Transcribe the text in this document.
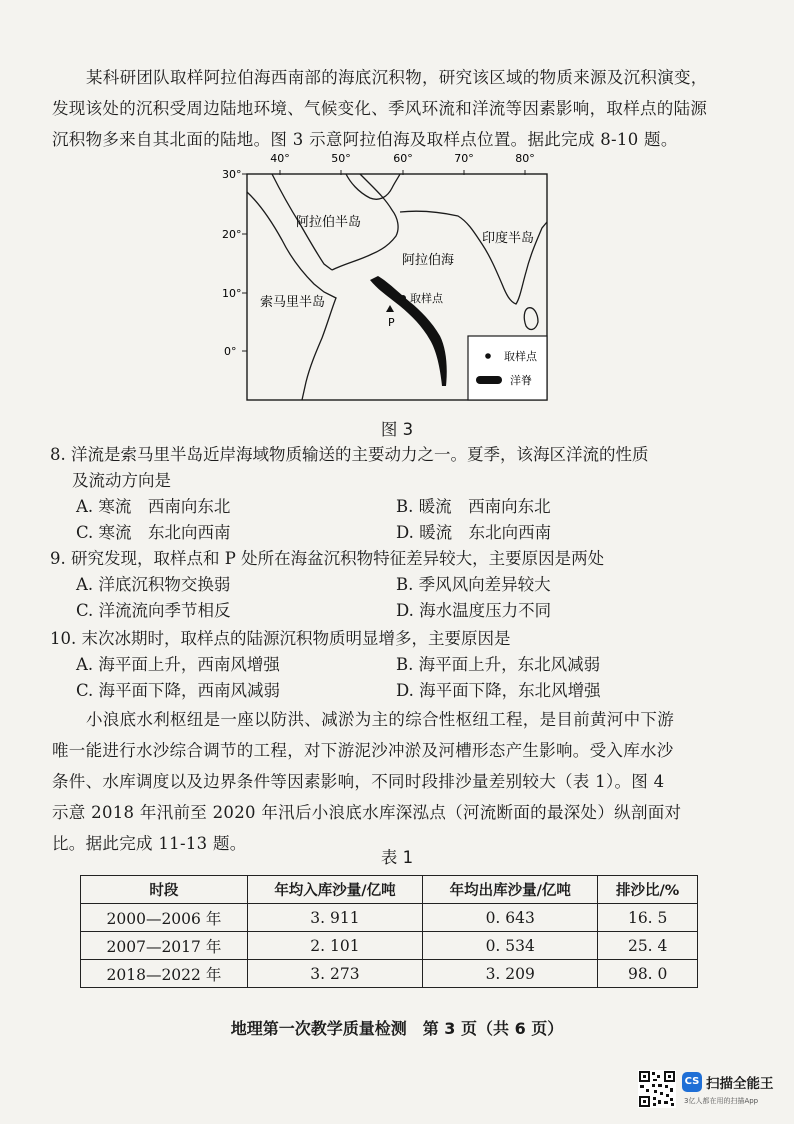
某科研团队取样阿拉伯海西南部的海底沉积物，研究该区域的物质来源及沉积演变，
发现该处的沉积受周边陆地环境、气候变化、季风环流和洋流等因素影响，取样点的陆源
沉积物多来自其北面的陆地。图 3 示意阿拉伯海及取样点位置。据此完成 8-10 题。

40°	50°	60°	70°	80°
30°
20°
10°
0°
取样点
P
阿拉伯半岛
阿拉伯海
印度半岛
索马里半岛
取样点
洋脊
图 3
8. 洋流是索马里半岛近岸海域物质输送的主要动力之一。夏季，该海区洋流的性质
及流动方向是
A. 寒流　西南向东北	B. 暖流　西南向东北
C. 寒流　东北向西南	D. 暖流　东北向西南
9. 研究发现，取样点和 P 处所在海盆沉积物特征差异较大，主要原因是两处
A. 洋底沉积物交换弱	B. 季风风向差异较大
C. 洋流流向季节相反	D. 海水温度压力不同
10. 末次冰期时，取样点的陆源沉积物质明显增多，主要原因是
A. 海平面上升，西南风增强	B. 海平面上升，东北风减弱
C. 海平面下降，西南风减弱	D. 海平面下降，东北风增强

小浪底水利枢纽是一座以防洪、减淤为主的综合性枢纽工程，是目前黄河中下游
唯一能进行水沙综合调节的工程，对下游泥沙冲淤及河槽形态产生影响。受入库水沙
条件、水库调度以及边界条件等因素影响，不同时段排沙量差别较大（表 1）。图 4
示意 2018 年汛前至 2020 年汛后小浪底水库深泓点（河流断面的最深处）纵剖面对
比。据此完成 11-13 题。

表 1
时段	年均入库沙量/亿吨	年均出库沙量/亿吨	排沙比/%
2000—2006 年	3. 911	0. 643	16. 5
2007—2017 年	2. 101	0. 534	25. 4
2018—2022 年	3. 273	3. 209	98. 0
地理第一次教学质量检测　第 3 页（共 6 页）
CS 扫描全能王
3亿人都在用的扫描App
